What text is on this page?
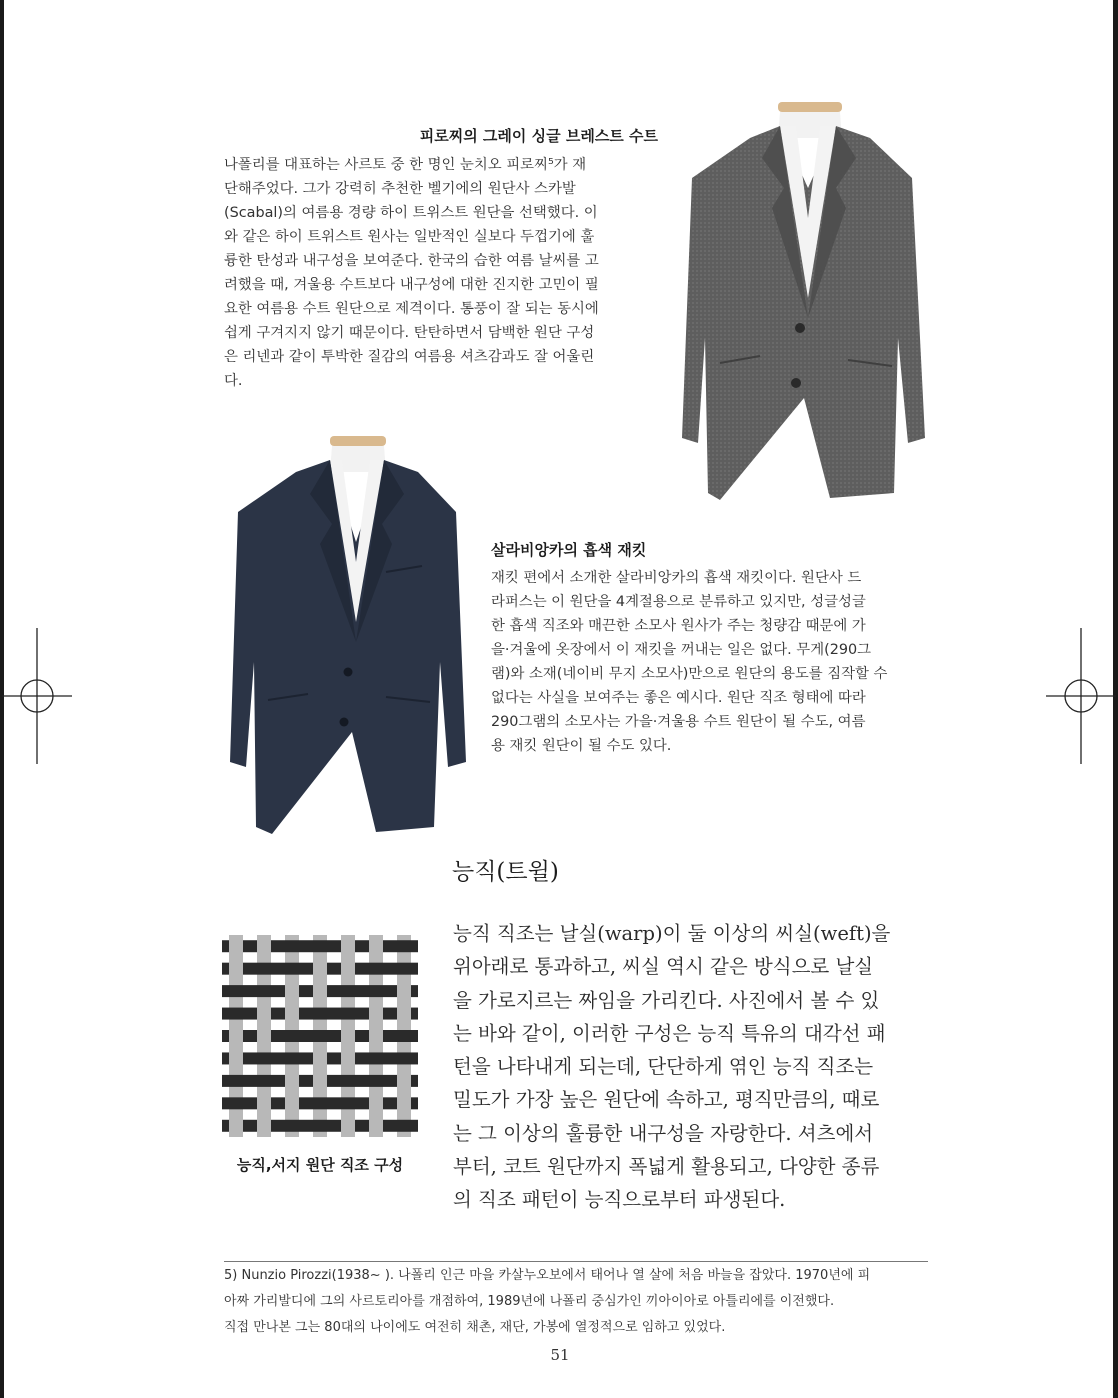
피로찌의 그레이 싱글 브레스트 수트
나폴리를 대표하는 사르토 중 한 명인 눈치오 피로찌⁵가 재
단해주었다. 그가 강력히 추천한 벨기에의 원단사 스카발
(Scabal)의 여름용 경량 하이 트위스트 원단을 선택했다. 이
와 같은 하이 트위스트 원사는 일반적인 실보다 두껍기에 훌
륭한 탄성과 내구성을 보여준다. 한국의 습한 여름 날씨를 고
려했을 때, 겨울용 수트보다 내구성에 대한 진지한 고민이 필
요한 여름용 수트 원단으로 제격이다. 통풍이 잘 되는 동시에
쉽게 구겨지지 않기 때문이다. 탄탄하면서 담백한 원단 구성
은 리넨과 같이 투박한 질감의 여름용 셔츠감과도 잘 어울린
다.
살라비앙카의 흡색 재킷
재킷 편에서 소개한 살라비앙카의 흡색 재킷이다. 원단사 드
라퍼스는 이 원단을 4계절용으로 분류하고 있지만, 성글성글
한 흡색 직조와 매끈한 소모사 원사가 주는 청량감 때문에 가
을·겨울에 옷장에서 이 재킷을 꺼내는 일은 없다. 무게(290그
램)와 소재(네이비 무지 소모사)만으로 원단의 용도를 짐작할 수
없다는 사실을 보여주는 좋은 예시다. 원단 직조 형태에 따라
290그램의 소모사는 가을·겨울용 수트 원단이 될 수도, 여름
용 재킷 원단이 될 수도 있다.
능직(트윌)
능직,서지 원단 직조 구성
능직 직조는 날실(warp)이 둘 이상의 씨실(weft)을
위아래로 통과하고, 씨실 역시 같은 방식으로 날실
을 가로지르는 짜임을 가리킨다. 사진에서 볼 수 있
는 바와 같이, 이러한 구성은 능직 특유의 대각선 패
턴을 나타내게 되는데, 단단하게 엮인 능직 직조는
밀도가 가장 높은 원단에 속하고, 평직만큼의, 때로
는 그 이상의 훌륭한 내구성을 자랑한다. 셔츠에서
부터, 코트 원단까지 폭넓게 활용되고, 다양한 종류
의 직조 패턴이 능직으로부터 파생된다.
5) Nunzio Pirozzi(1938~ ). 나폴리 인근 마을 카살누오보에서 태어나 열 살에 처음 바늘을 잡았다. 1970년에 피
아짜 가리발디에 그의 사르토리아를 개점하여, 1989년에 나폴리 중심가인 끼아이아로 아틀리에를 이전했다.
직접 만나본 그는 80대의 나이에도 여전히 채촌, 재단, 가봉에 열정적으로 임하고 있었다.
51
